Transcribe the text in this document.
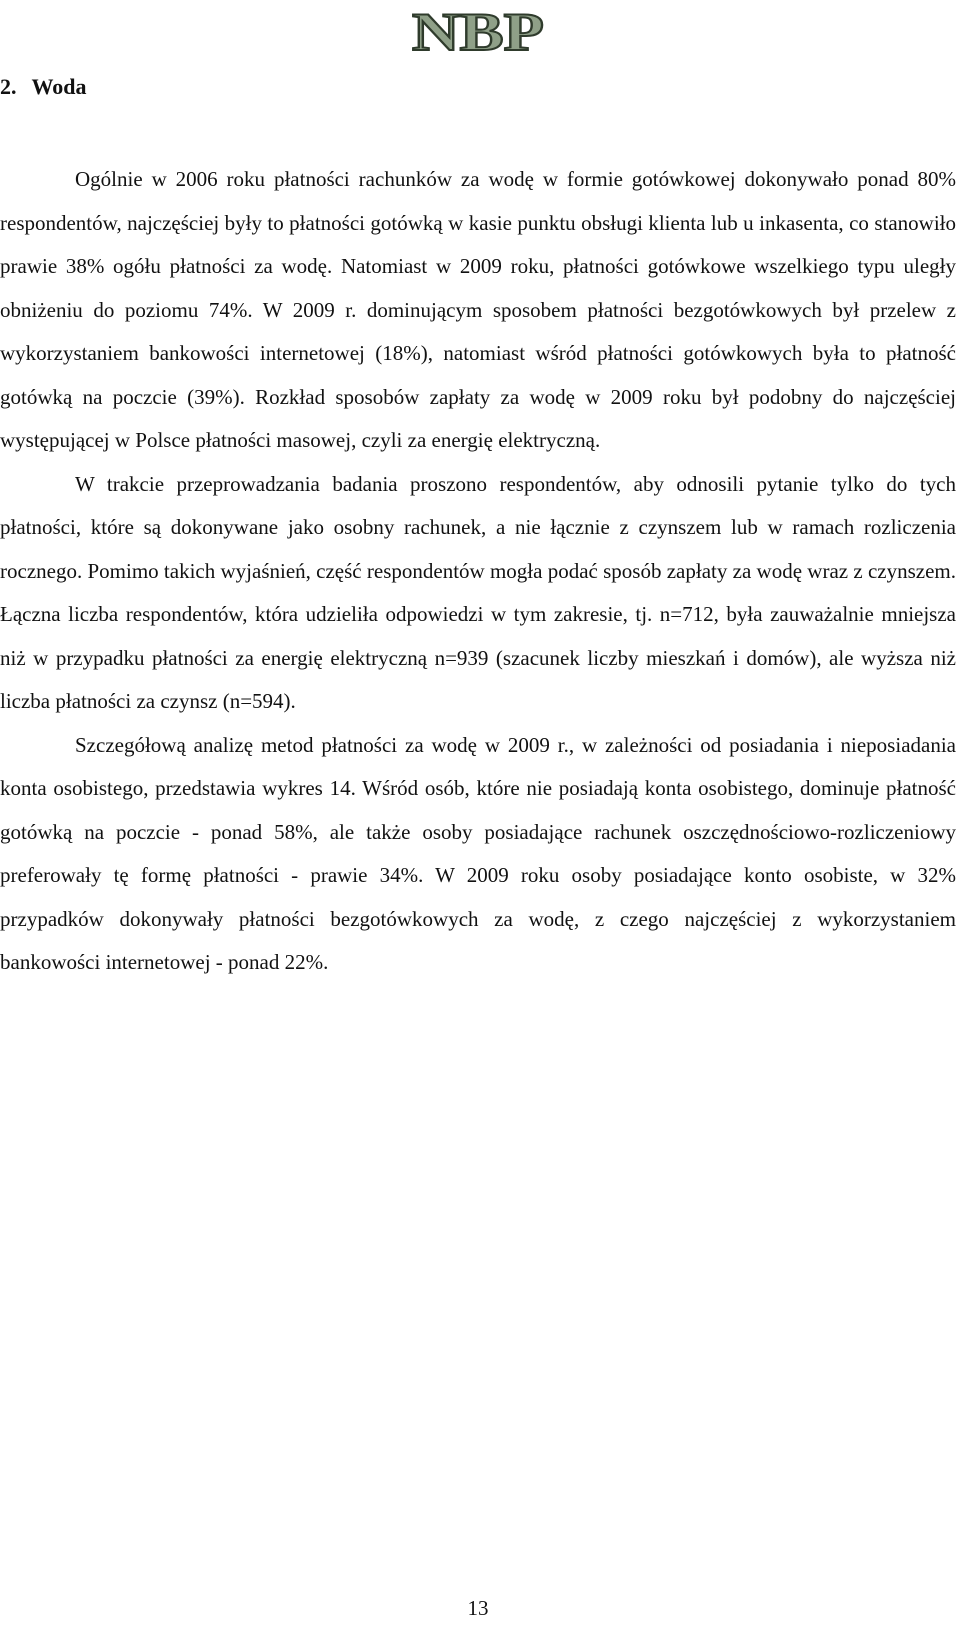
NBP
2. Woda

Ogólnie w 2006 roku płatności rachunków za wodę w formie gotówkowej dokonywało ponad 80% respondentów, najczęściej były to płatności gotówką w kasie punktu obsługi klienta lub u inkasenta, co stanowiło prawie 38% ogółu płatności za wodę. Natomiast w 2009 roku, płatności gotówkowe wszelkiego typu uległy obniżeniu do poziomu 74%. W 2009 r. dominującym sposobem płatności bezgotówkowych był przelew z wykorzystaniem bankowości internetowej (18%), natomiast wśród płatności gotówkowych była to płatność gotówką na poczcie (39%). Rozkład sposobów zapłaty za wodę w 2009 roku był podobny do najczęściej występującej w Polsce płatności masowej, czyli za energię elektryczną.

W trakcie przeprowadzania badania proszono respondentów, aby odnosili pytanie tylko do tych płatności, które są dokonywane jako osobny rachunek, a nie łącznie z czynszem lub w ramach rozliczenia rocznego. Pomimo takich wyjaśnień, część respondentów mogła podać sposób zapłaty za wodę wraz z czynszem. Łączna liczba respondentów, która udzieliła odpowiedzi w tym zakresie, tj. n=712, była zauważalnie mniejsza niż w przypadku płatności za energię elektryczną n=939 (szacunek liczby mieszkań i domów), ale wyższa niż liczba płatności za czynsz (n=594).

Szczegółową analizę metod płatności za wodę w 2009 r., w zależności od posiadania i nieposiadania konta osobistego, przedstawia wykres 14. Wśród osób, które nie posiadają konta osobistego, dominuje płatność gotówką na poczcie - ponad 58%, ale także osoby posiadające rachunek oszczędnościowo-rozliczeniowy preferowały tę formę płatności - prawie 34%. W 2009 roku osoby posiadające konto osobiste, w 32% przypadków dokonywały płatności bezgotówkowych za wodę, z czego najczęściej z wykorzystaniem bankowości internetowej - ponad 22%.

13
